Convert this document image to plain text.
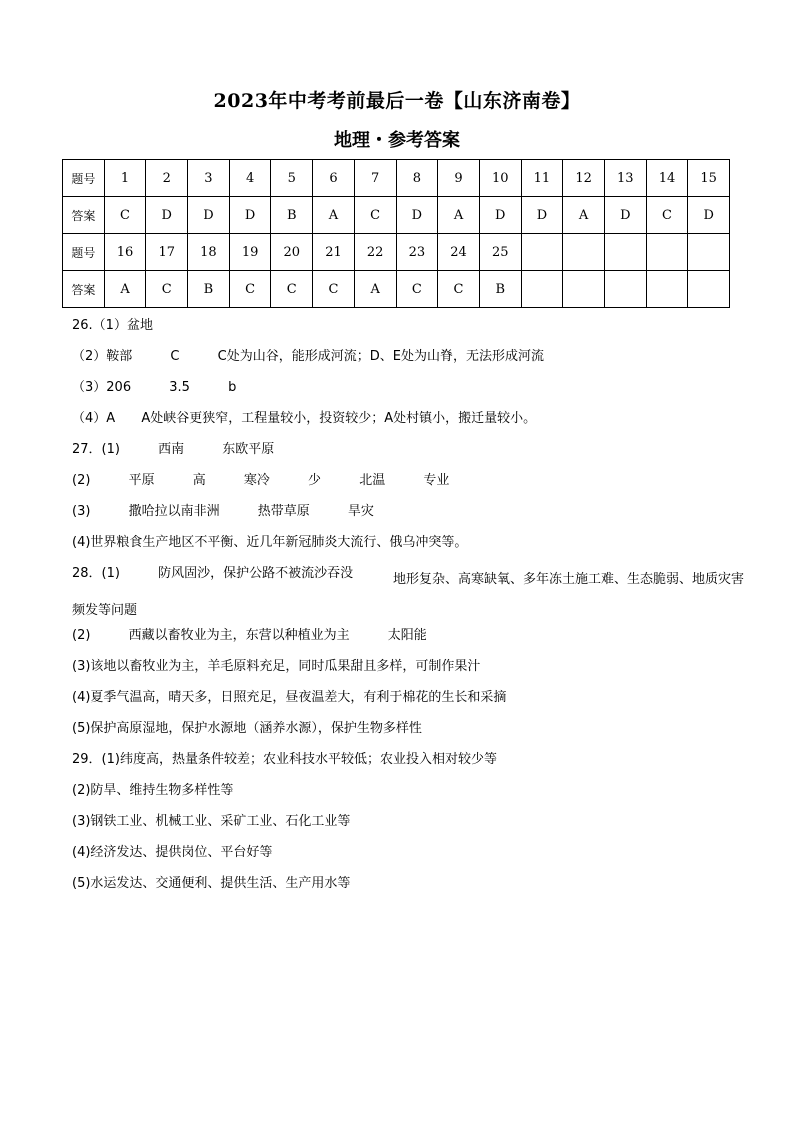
2023年中考考前最后一卷【山东济南卷】
地理・参考答案
题号	1	2	3	4	5	6	7	8	9	10	11	12	13	14	15
答案	C	D	D	D	B	A	C	D	A	D	D	A	D	C	D
题号	16	17	18	19	20	21	22	23	24	25					
答案	A	C	B	C	C	C	A	C	C	B					
26.（1）盆地
（2）鞍部	C	C处为山谷，能形成河流；D、E处为山脊，无法形成河流
（3）206	3.5	b
（4）A A处峡谷更狭窄，工程量较小，投资较少；A处村镇小，搬迁量较小。
27．(1)	西南	东欧平原
(2)	平原	高	寒冷	少	北温	专业
(3)	撒哈拉以南非洲	热带草原	旱灾
(4)世界粮食生产地区不平衡、近几年新冠肺炎大流行、俄乌冲突等。
28．(1)	防风固沙，保护公路不被流沙吞没	地形复杂、高寒缺氧、多年冻土施工难、生态脆弱、地质灾害频发等问题
(2)	西藏以畜牧业为主，东营以种植业为主	太阳能
(3)该地以畜牧业为主，羊毛原料充足，同时瓜果甜且多样，可制作果汁
(4)夏季气温高，晴天多，日照充足，昼夜温差大，有利于棉花的生长和采摘
(5)保护高原湿地，保护水源地（涵养水源），保护生物多样性
29．(1)纬度高，热量条件较差；农业科技水平较低；农业投入相对较少等
(2)防旱、维持生物多样性等
(3)钢铁工业、机械工业、采矿工业、石化工业等
(4)经济发达、提供岗位、平台好等
(5)水运发达、交通便利、提供生活、生产用水等
